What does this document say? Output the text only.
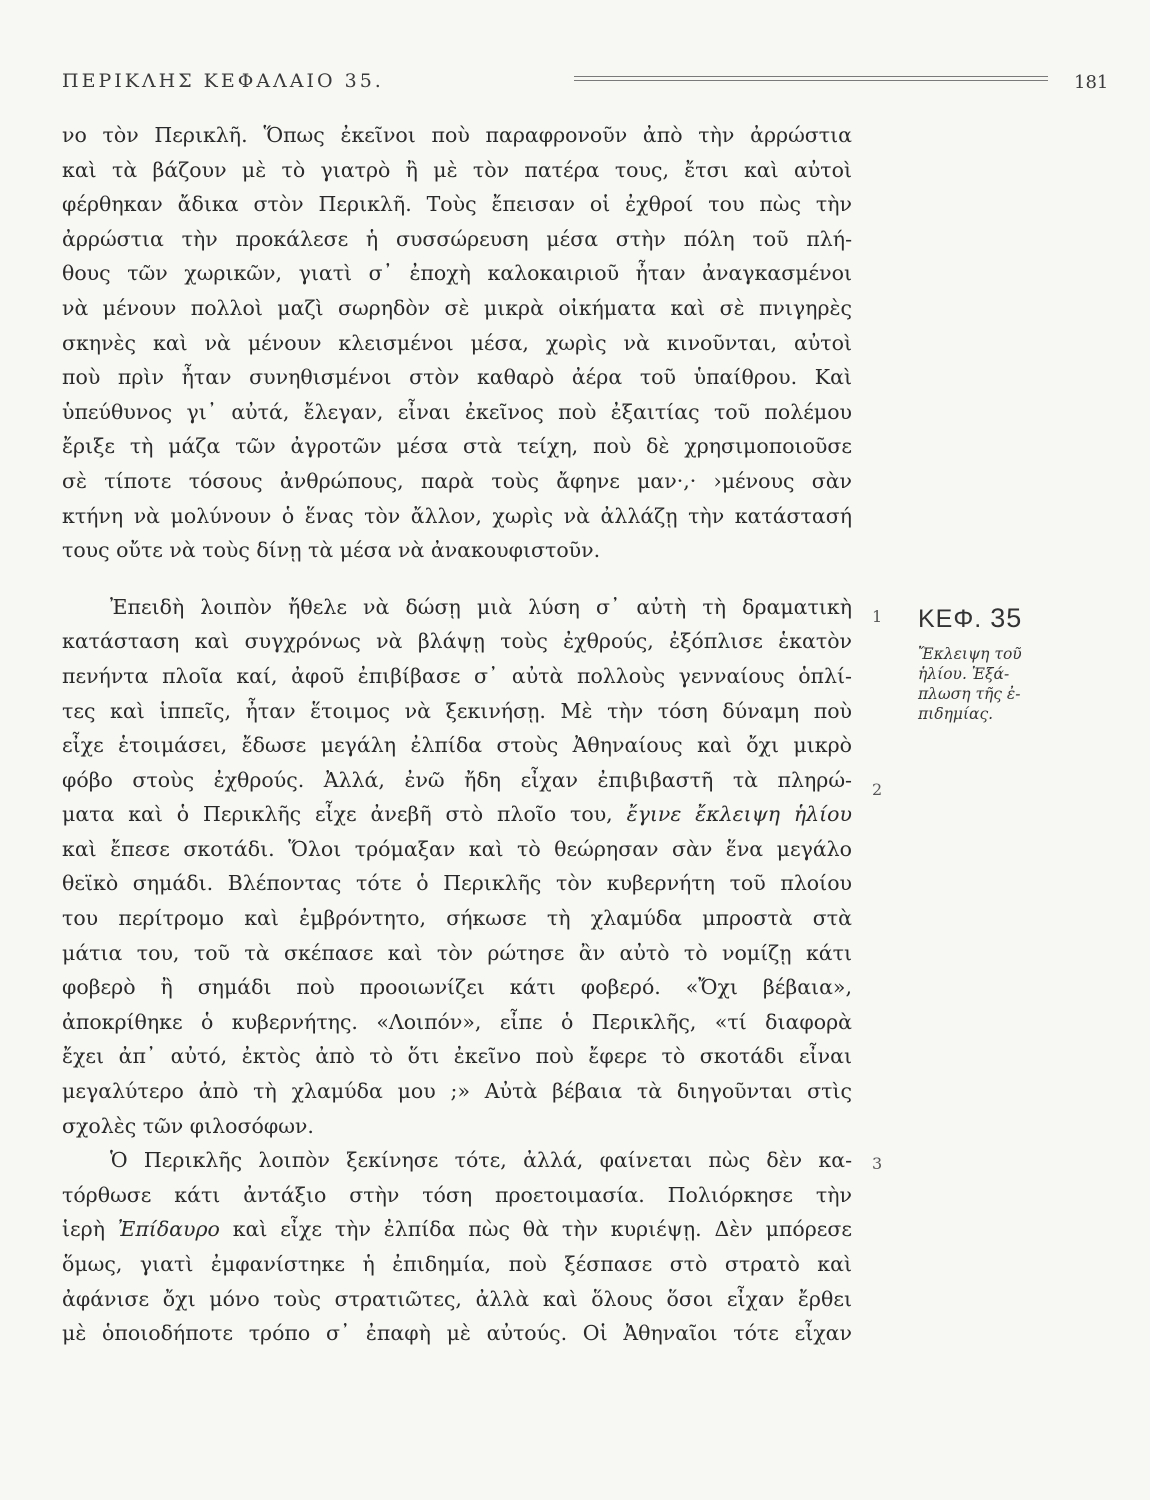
ΠΕΡΙΚΛΗΣ ΚΕΦΑΛΑΙΟ 35.	181

νο τὸν Περικλῆ. Ὅπως ἐκεῖνοι ποὺ παραφρονοῦν ἀπὸ τὴν ἀρρώστια
καὶ τὰ βάζουν μὲ τὸ γιατρὸ ἢ μὲ τὸν πατέρα τους, ἔτσι καὶ αὐτοὶ
φέρθηκαν ἄδικα στὸν Περικλῆ. Τοὺς ἔπεισαν οἱ ἐχθροί του πὼς τὴν
ἀρρώστια τὴν προκάλεσε ἡ συσσώρευση μέσα στὴν πόλη τοῦ πλή-
θους τῶν χωρικῶν, γιατὶ σ᾽ ἐποχὴ καλοκαιριοῦ ἦταν ἀναγκασμένοι
νὰ μένουν πολλοὶ μαζὶ σωρηδὸν σὲ μικρὰ οἰκήματα καὶ σὲ πνιγηρὲς
σκηνὲς καὶ νὰ μένουν κλεισμένοι μέσα, χωρὶς νὰ κινοῦνται, αὐτοὶ
ποὺ πρὶν ἦταν συνηθισμένοι στὸν καθαρὸ ἀέρα τοῦ ὑπαίθρου. Καὶ
ὑπεύθυνος γι᾽ αὐτά, ἔλεγαν, εἶναι ἐκεῖνος ποὺ ἐξαιτίας τοῦ πολέμου
ἔριξε τὴ μάζα τῶν ἀγροτῶν μέσα στὰ τείχη, ποὺ δὲ χρησιμοποιοῦσε
σὲ τίποτε τόσους ἀνθρώπους, παρὰ τοὺς ἄφηνε μαν·,· ›μένους σὰν
κτήνη νὰ μολύνουν ὁ ἕνας τὸν ἄλλον, χωρὶς νὰ ἀλλάζῃ τὴν κατάστασή
τους οὔτε νὰ τοὺς δίνῃ τὰ μέσα νὰ ἀνακουφιστοῦν.

Ἐπειδὴ λοιπὸν ἤθελε νὰ δώσῃ μιὰ λύση σ᾽ αὐτὴ τὴ δραματικὴ
κατάσταση καὶ συγχρόνως νὰ βλάψῃ τοὺς ἐχθρούς, ἐξόπλισε ἑκατὸν
πενήντα πλοῖα καί, ἀφοῦ ἐπιβίβασε σ᾽ αὐτὰ πολλοὺς γενναίους ὁπλί-
τες καὶ ἱππεῖς, ἦταν ἕτοιμος νὰ ξεκινήσῃ. Μὲ τὴν τόση δύναμη ποὺ
εἶχε ἑτοιμάσει, ἔδωσε μεγάλη ἐλπίδα στοὺς Ἀθηναίους καὶ ὄχι μικρὸ
φόβο στοὺς ἐχθρούς. Ἀλλά, ἐνῶ ἤδη εἶχαν ἐπιβιβαστῆ τὰ πληρώ-
ματα καὶ ὁ Περικλῆς εἶχε ἀνεβῆ στὸ πλοῖο του, ἔγινε ἔκλειψη ἡλίου
καὶ ἔπεσε σκοτάδι. Ὅλοι τρόμαξαν καὶ τὸ θεώρησαν σὰν ἕνα μεγάλο
θεϊκὸ σημάδι. Βλέποντας τότε ὁ Περικλῆς τὸν κυβερνήτη τοῦ πλοίου
του περίτρομο καὶ ἐμβρόντητο, σήκωσε τὴ χλαμύδα μπροστὰ στὰ
μάτια του, τοῦ τὰ σκέπασε καὶ τὸν ρώτησε ἂν αὐτὸ τὸ νομίζῃ κάτι
φοβερὸ ἢ σημάδι ποὺ προοιωνίζει κάτι φοβερό. «Ὄχι βέβαια»,
ἀποκρίθηκε ὁ κυβερνήτης. «Λοιπόν», εἶπε ὁ Περικλῆς, «τί διαφορὰ
ἔχει ἀπ᾽ αὐτό, ἐκτὸς ἀπὸ τὸ ὅτι ἐκεῖνο ποὺ ἔφερε τὸ σκοτάδι εἶναι
μεγαλύτερο ἀπὸ τὴ χλαμύδα μου ;» Αὐτὰ βέβαια τὰ διηγοῦνται στὶς
σχολὲς τῶν φιλοσόφων.

Ὁ Περικλῆς λοιπὸν ξεκίνησε τότε, ἀλλά, φαίνεται πὼς δὲν κα-
τόρθωσε κάτι ἀντάξιο στὴν τόση προετοιμασία. Πολιόρκησε τὴν
ἱερὴ Ἐπίδαυρο καὶ εἶχε τὴν ἐλπίδα πὼς θὰ τὴν κυριέψῃ. Δὲν μπόρεσε
ὅμως, γιατὶ ἐμφανίστηκε ἡ ἐπιδημία, ποὺ ξέσπασε στὸ στρατὸ καὶ
ἀφάνισε ὄχι μόνο τοὺς στρατιῶτες, ἀλλὰ καὶ ὅλους ὅσοι εἶχαν ἔρθει
μὲ ὁποιοδήποτε τρόπο σ᾽ ἐπαφὴ μὲ αὐτούς. Οἱ Ἀθηναῖοι τότε εἶχαν

1
2
3
ΚΕΦ. 35
Ἔκλειψη τοῦ
ἡλίου. Ἐξά-
πλωση τῆς ἐ-
πιδημίας.
